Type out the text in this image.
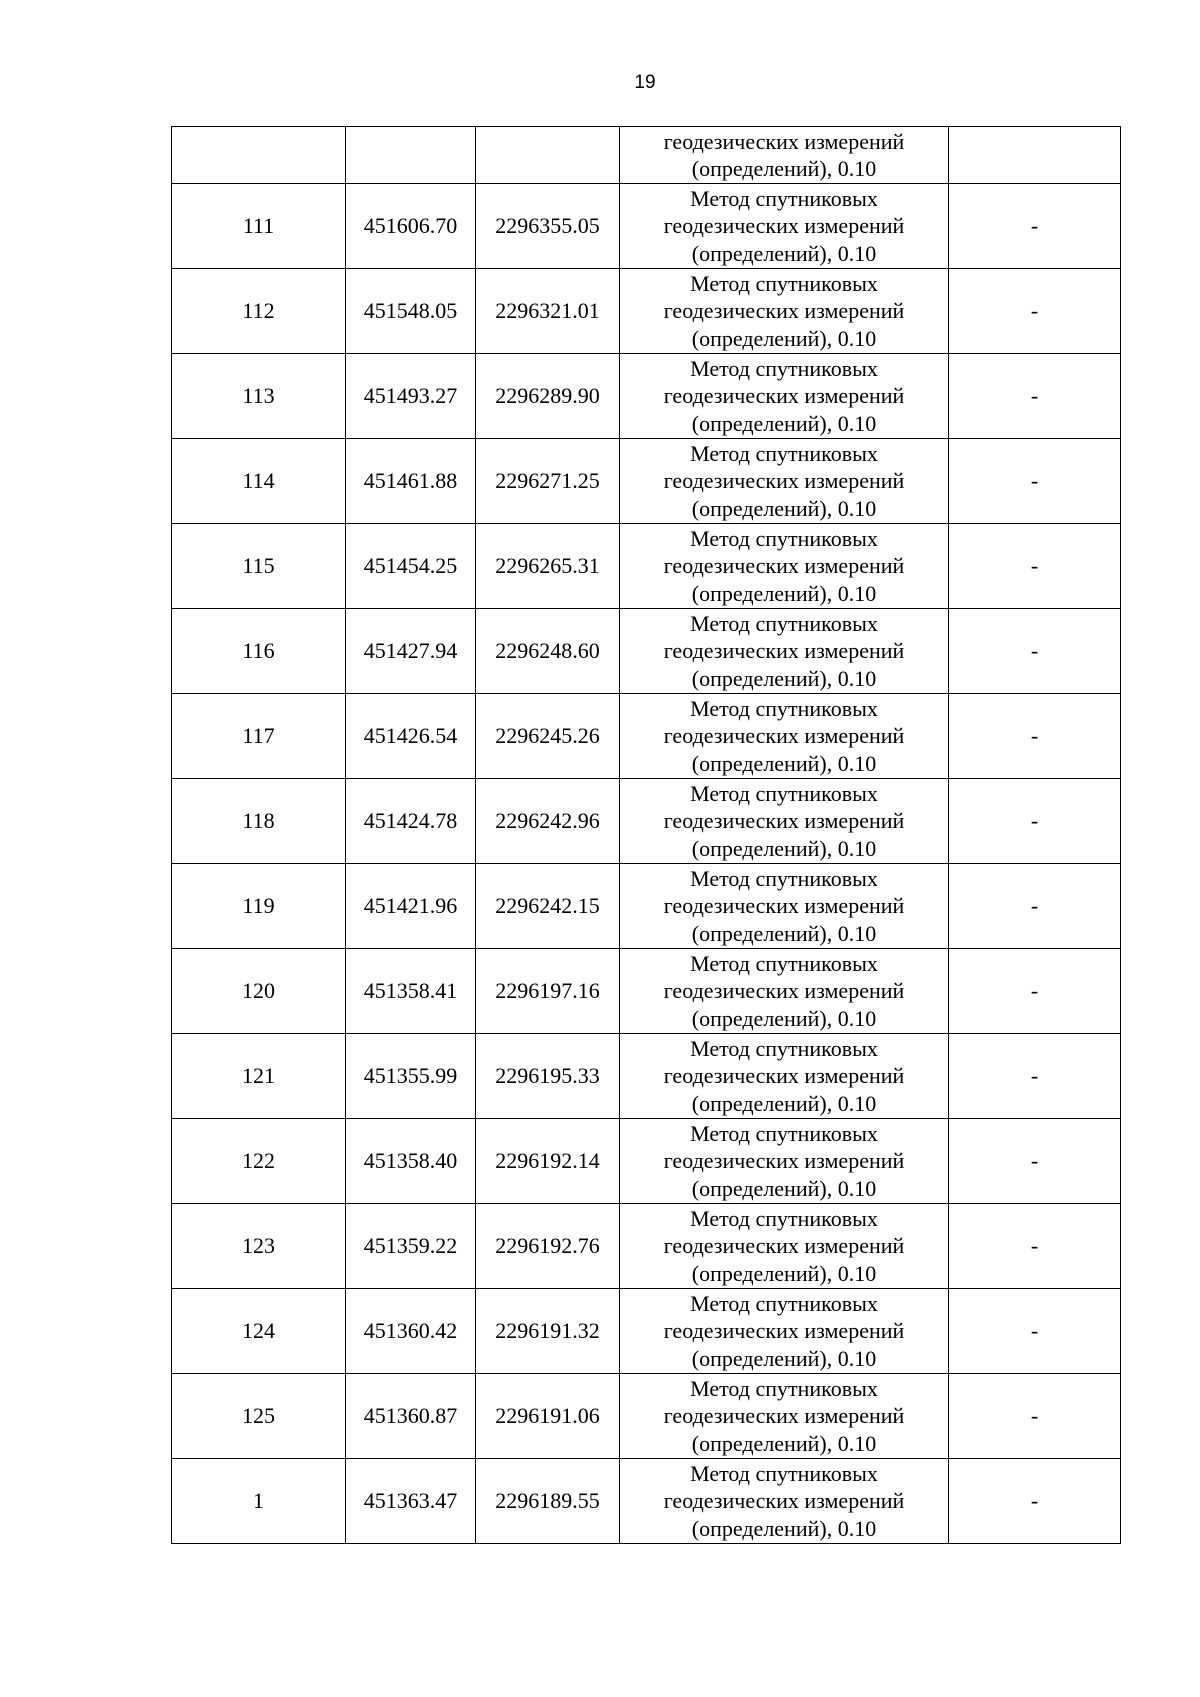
19

			геодезических измерений
(определений), 0.10	

111	451606.70	2296355.05	Метод спутниковых
геодезических измерений
(определений), 0.10	-
112	451548.05	2296321.01	Метод спутниковых
геодезических измерений
(определений), 0.10	-
113	451493.27	2296289.90	Метод спутниковых
геодезических измерений
(определений), 0.10	-
114	451461.88	2296271.25	Метод спутниковых
геодезических измерений
(определений), 0.10	-
115	451454.25	2296265.31	Метод спутниковых
геодезических измерений
(определений), 0.10	-
116	451427.94	2296248.60	Метод спутниковых
геодезических измерений
(определений), 0.10	-
117	451426.54	2296245.26	Метод спутниковых
геодезических измерений
(определений), 0.10	-
118	451424.78	2296242.96	Метод спутниковых
геодезических измерений
(определений), 0.10	-
119	451421.96	2296242.15	Метод спутниковых
геодезических измерений
(определений), 0.10	-
120	451358.41	2296197.16	Метод спутниковых
геодезических измерений
(определений), 0.10	-
121	451355.99	2296195.33	Метод спутниковых
геодезических измерений
(определений), 0.10	-
122	451358.40	2296192.14	Метод спутниковых
геодезических измерений
(определений), 0.10	-
123	451359.22	2296192.76	Метод спутниковых
геодезических измерений
(определений), 0.10	-
124	451360.42	2296191.32	Метод спутниковых
геодезических измерений
(определений), 0.10	-
125	451360.87	2296191.06	Метод спутниковых
геодезических измерений
(определений), 0.10	-
1	451363.47	2296189.55	Метод спутниковых
геодезических измерений
(определений), 0.10	-
